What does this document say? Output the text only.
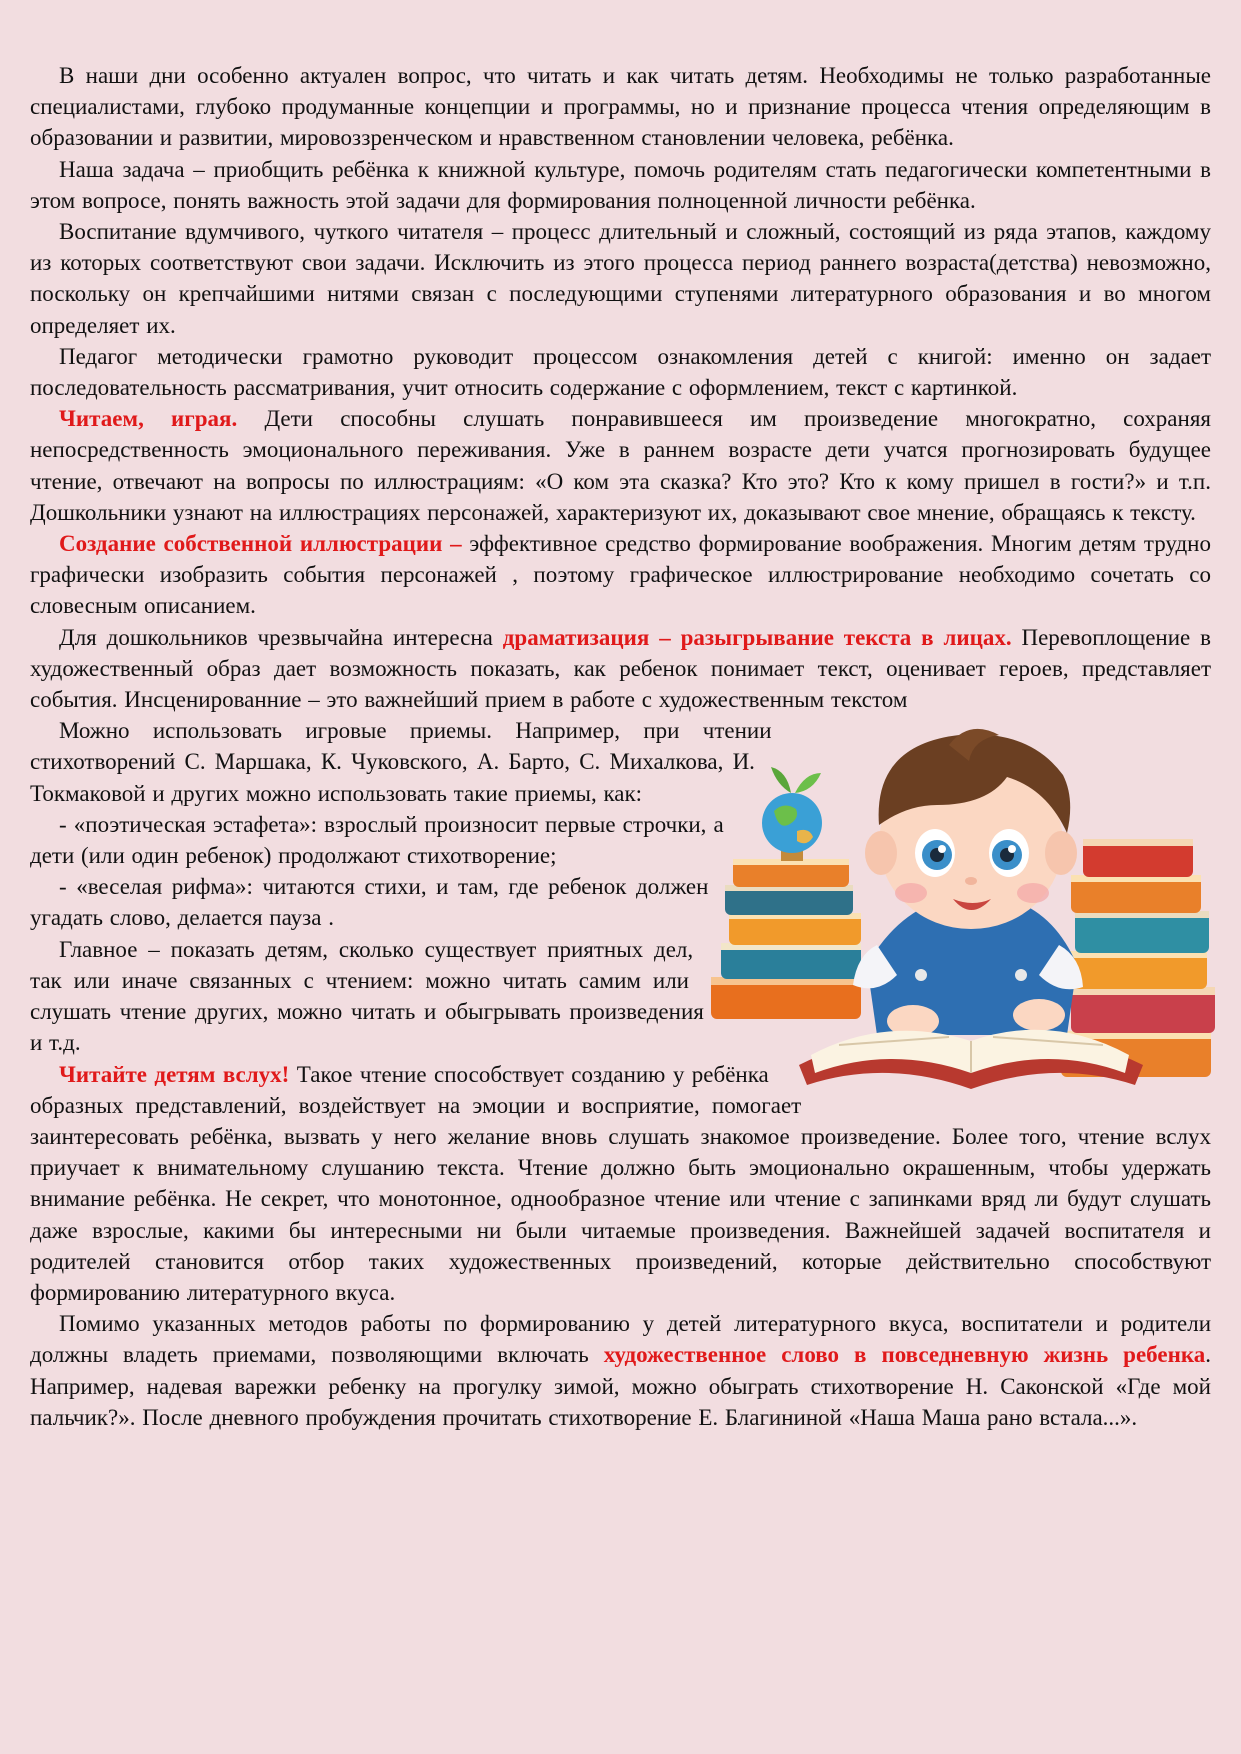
В наши дни особенно актуален вопрос, что читать и как читать детям. Необходимы не только разработанные специалистами, глубоко продуманные концепции и программы, но и признание процесса чтения определяющим в образовании и развитии, мировоззренческом и нравственном становлении человека, ребёнка.

Наша задача – приобщить ребёнка к книжной культуре, помочь родителям стать педагогически компетентными в этом вопросе, понять важность этой задачи для формирования полноценной личности ребёнка.

Воспитание вдумчивого, чуткого читателя – процесс длительный и сложный, состоящий из ряда этапов, каждому из которых соответствуют свои задачи. Исключить из этого процесса период раннего возраста(детства) невозможно, поскольку он крепчайшими нитями связан с последующими ступенями литературного образования и во многом определяет их.

Педагог методически грамотно руководит процессом ознакомления детей с книгой: именно он задает последовательность рассматривания, учит относить содержание с оформлением, текст с картинкой.

Читаем, играя. Дети способны слушать понравившееся им произведение многократно, сохраняя непосредственность эмоционального переживания. Уже в раннем возрасте дети учатся прогнозировать будущее чтение, отвечают на вопросы по иллюстрациям: «О ком эта сказка? Кто это? Кто к кому пришел в гости?» и т.п. Дошкольники узнают на иллюстрациях персонажей, характеризуют их, доказывают свое мнение, обращаясь к тексту.

Создание собственной иллюстрации – эффективное средство формирование воображения. Многим детям трудно графически изобразить события персонажей , поэтому графическое иллюстрирование необходимо сочетать со словесным описанием.

Для дошкольников чрезвычайна интересна драматизация – разыгрывание текста в лицах. Перевоплощение в художественный образ дает возможность показать, как ребенок понимает текст, оценивает героев, представляет события. Инсценированние – это важнейший прием в работе с художественным текстом

Можно использовать игровые приемы. Например, при чтении стихотворений С. Маршака, К. Чуковского, А. Барто, С. Михалкова, И. Токмаковой и других можно использовать такие приемы, как:

- «поэтическая эстафета»: взрослый произносит первые строчки, а дети (или один ребенок) продолжают стихотворение;

- «веселая рифма»: читаются стихи, и там, где ребенок должен угадать слово, делается пауза .

Главное – показать детям, сколько существует приятных дел, так или иначе связанных с чтением: можно читать самим или слушать чтение других, можно читать и обыгрывать произведения и т.д.

Читайте детям вслух! Такое чтение способствует созданию у ребёнка образных представлений, воздействует на эмоции и восприятие, помогает заинтересовать ребёнка, вызвать у него желание вновь слушать знакомое произведение. Более того, чтение вслух приучает к внимательному слушанию текста. Чтение должно быть эмоционально окрашенным, чтобы удержать внимание ребёнка. Не секрет, что монотонное, однообразное чтение или чтение с запинками вряд ли будут слушать даже взрослые, какими бы интересными ни были читаемые произведения. Важнейшей задачей воспитателя и родителей становится отбор таких художественных произведений, которые действительно способствуют формированию литературного вкуса.

Помимо указанных методов работы по формированию у детей литературного вкуса, воспитатели и родители должны владеть приемами, позволяющими включать художественное слово в повседневную жизнь ребенка. Например, надевая варежки ребенку на прогулку зимой, можно обыграть стихотворение Н. Саконской «Где мой пальчик?». После дневного пробуждения прочитать стихотворение Е. Благининой «Наша Маша рано встала...».
